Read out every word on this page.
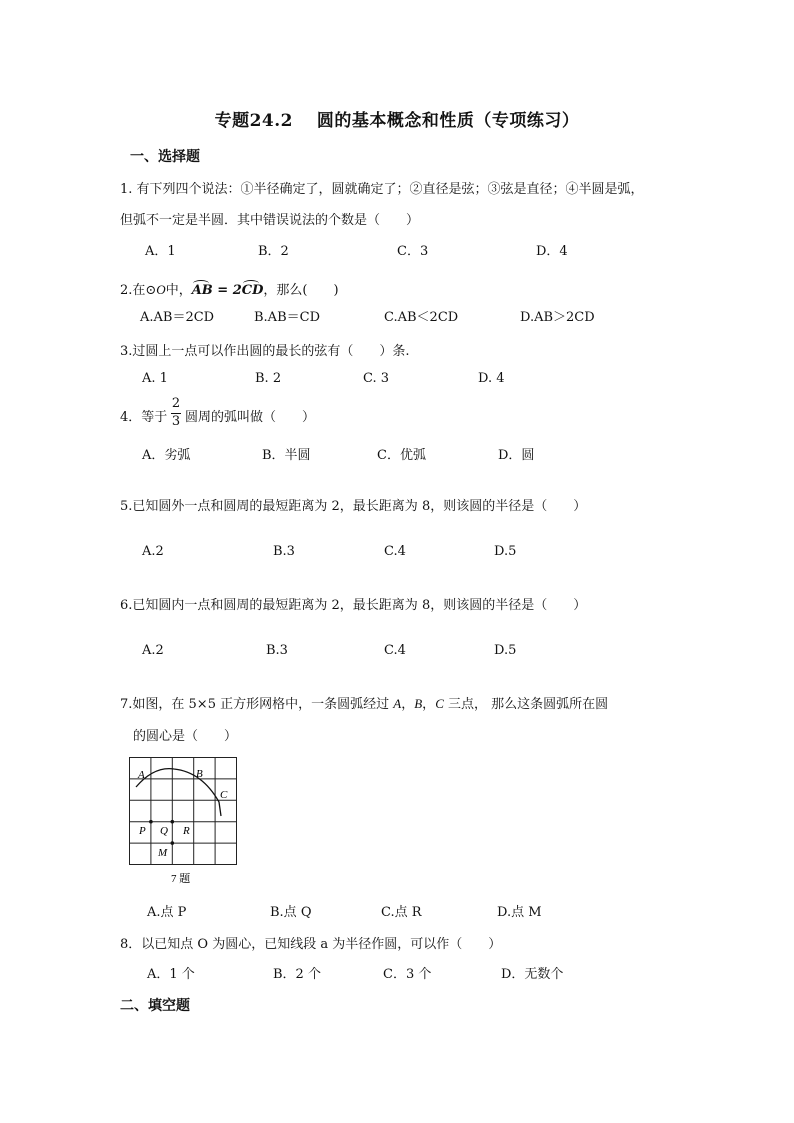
专题24.2　 圆的基本概念和性质（专项练习）
一、选择题
1. 有下列四个说法：①半径确定了，圆就确定了；②直径是弦；③弦是直径；④半圆是弧，
但弧不一定是半圆．其中错误说法的个数是（　　）
A．1	B．2	C．3	D．4
2.在⊙O中，
AB = 2
CD，那么(　　)
A.AB＝2CD	B.AB＝CD	C.AB＜2CD	D.AB＞2CD
3.过圆上一点可以作出圆的最长的弦有（　　）条.
A. 1	B. 2	C. 3	D. 4
4．等于
2
3 圆周的弧叫做（　　）
A．劣弧	B．半圆	C．优弧	D．圆
5.已知圆外一点和圆周的最短距离为 2，最长距离为 8，则该圆的半径是（　　）
A.2	B.3	C.4	D.5
6.已知圆内一点和圆周的最短距离为 2，最长距离为 8，则该圆的半径是（　　）
A.2	B.3	C.4	D.5
7.如图，在 5×5 正方形网格中，一条圆弧经过 A，B，C 三点， 那么这条圆弧所在圆
的圆心是（　　）
A	B
C
P Q R
M
7 题
A.点 P	B.点 Q	C.点 R	D.点 M
8．以已知点 O 为圆心，已知线段 a 为半径作圆，可以作（　　）
A．1 个	B．2 个	C．3 个	D．无数个
二、填空题
